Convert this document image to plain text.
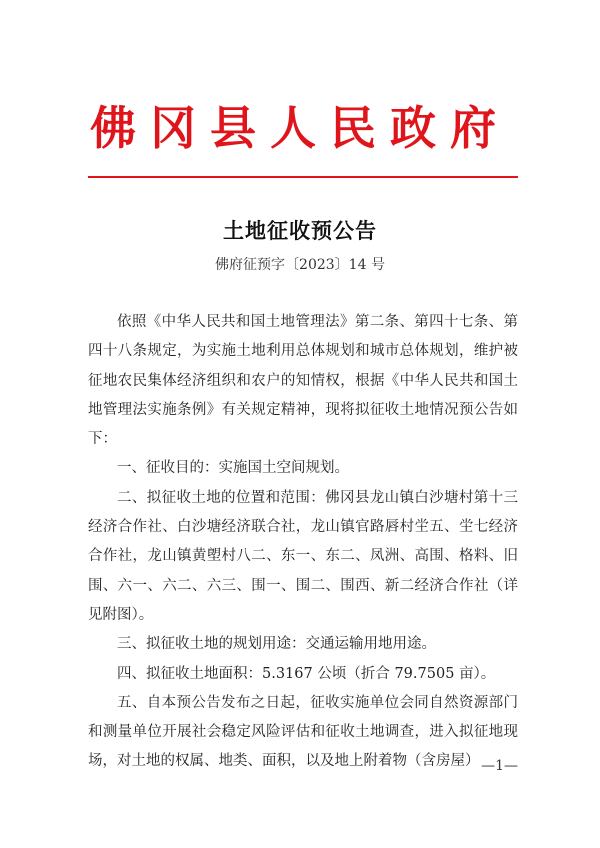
佛冈县人民政府
土地征收预公告
佛府征预字〔2023〕14 号

依照《中华人民共和国土地管理法》第二条、第四十七条、第四十八条规定，为实施土地利用总体规划和城市总体规划，维护被征地农民集体经济组织和农户的知情权，根据《中华人民共和国土地管理法实施条例》有关规定精神，现将拟征收土地情况预公告如下：

一、征收目的：实施国土空间规划。

二、拟征收土地的位置和范围：佛冈县龙山镇白沙塘村第十三经济合作社、白沙塘经济联合社，龙山镇官路唇村坣五、坣七经济合作社，龙山镇黄塱村八二、东一、东二、凤洲、高围、格料、旧围、六一、六二、六三、围一、围二、围西、新二经济合作社（详见附图）。

三、拟征收土地的规划用途：交通运输用地用途。

四、拟征收土地面积：5.3167 公顷（折合 79.7505 亩）。

五、自本预公告发布之日起，征收实施单位会同自然资源部门和测量单位开展社会稳定风险评估和征收土地调查，进入拟征地现场，对土地的权属、地类、面积，以及地上附着物（含房屋） —1—
